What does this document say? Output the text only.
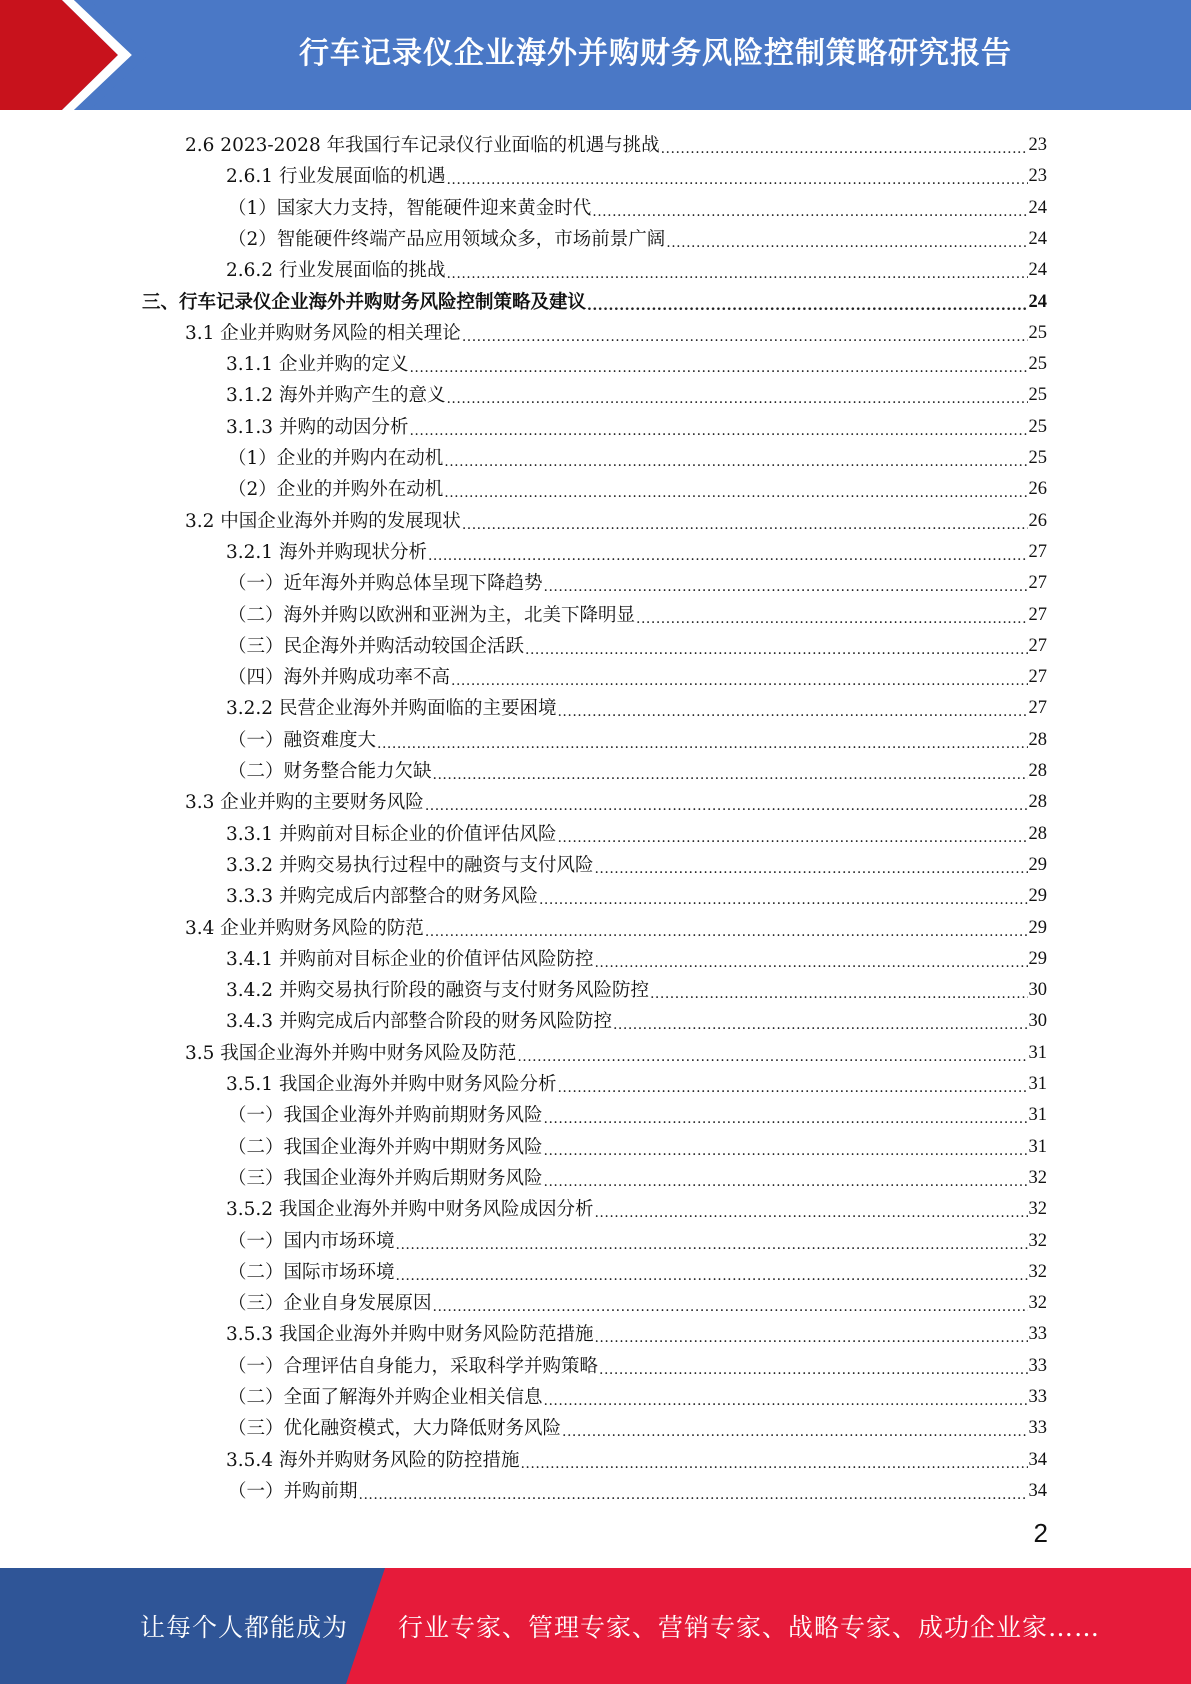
行车记录仪企业海外并购财务风险控制策略研究报告
2.6 2023-2028 年我国行车记录仪行业面临的机遇与挑战 .....	23
2.6.1 行业发展面临的机遇 .....	23
（1）国家大力支持，智能硬件迎来黄金时代 .....	24
（2）智能硬件终端产品应用领域众多，市场前景广阔 .....	24
2.6.2 行业发展面临的挑战 .....	24
三、行车记录仪企业海外并购财务风险控制策略及建议 .....	24
3.1 企业并购财务风险的相关理论 .....	25
3.1.1 企业并购的定义 .....	25
3.1.2 海外并购产生的意义 .....	25
3.1.3 并购的动因分析 .....	25
（1）企业的并购内在动机 .....	25
（2）企业的并购外在动机 .....	26
3.2 中国企业海外并购的发展现状 .....	26
3.2.1 海外并购现状分析 .....	27
（一）近年海外并购总体呈现下降趋势 .....	27
（二）海外并购以欧洲和亚洲为主，北美下降明显 .....	27
（三）民企海外并购活动较国企活跃 .....	27
（四）海外并购成功率不高 .....	27
3.2.2 民营企业海外并购面临的主要困境 .....	27
（一）融资难度大 .....	28
（二）财务整合能力欠缺 .....	28
3.3 企业并购的主要财务风险 .....	28
3.3.1 并购前对目标企业的价值评估风险 .....	28
3.3.2 并购交易执行过程中的融资与支付风险 .....	29
3.3.3 并购完成后内部整合的财务风险 .....	29
3.4 企业并购财务风险的防范 .....	29
3.4.1 并购前对目标企业的价值评估风险防控 .....	29
3.4.2 并购交易执行阶段的融资与支付财务风险防控 .....	30
3.4.3 并购完成后内部整合阶段的财务风险防控 .....	30
3.5 我国企业海外并购中财务风险及防范 .....	31
3.5.1 我国企业海外并购中财务风险分析 .....	31
（一）我国企业海外并购前期财务风险 .....	31
（二）我国企业海外并购中期财务风险 .....	31
（三）我国企业海外并购后期财务风险 .....	32
3.5.2 我国企业海外并购中财务风险成因分析 .....	32
（一）国内市场环境 .....	32
（二）国际市场环境 .....	32
（三）企业自身发展原因 .....	32
3.5.3 我国企业海外并购中财务风险防范措施 .....	33
（一）合理评估自身能力，采取科学并购策略 .....	33
（二）全面了解海外并购企业相关信息 .....	33
（三）优化融资模式，大力降低财务风险 .....	33
3.5.4 海外并购财务风险的防控措施 .....	34
（一）并购前期 .....	34
2
让每个人都能成为 行业专家、管理专家、营销专家、战略专家、成功企业家……
